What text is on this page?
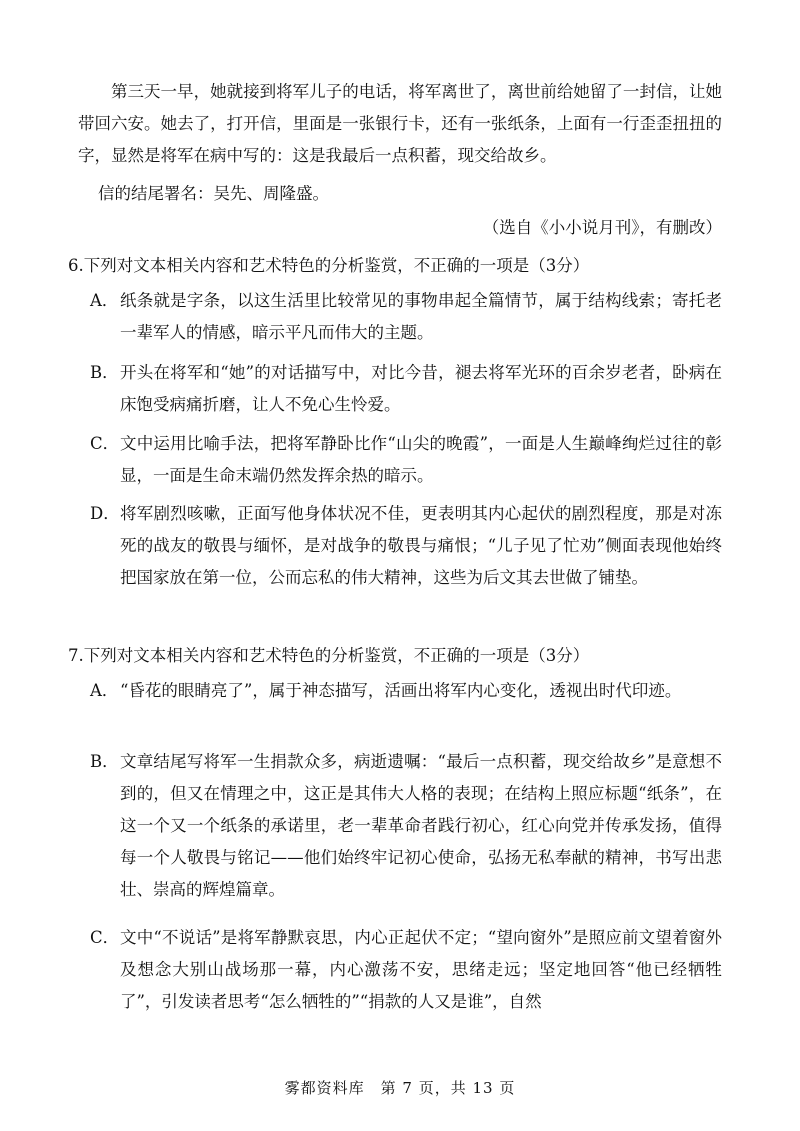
第三天一早，她就接到将军儿子的电话，将军离世了，离世前给她留了一封信，让她带回六安。她去了，打开信，里面是一张银行卡，还有一张纸条，上面有一行歪歪扭扭的字，显然是将军在病中写的：这是我最后一点积蓄，现交给故乡。
信的结尾署名：吴先、周隆盛。
（选自《小小说月刊》，有删改）
6.下列对文本相关内容和艺术特色的分析鉴赏，不正确的一项是（3分）
A． 纸条就是字条，以这生活里比较常见的事物串起全篇情节，属于结构线索；寄托老一辈军人的情感，暗示平凡而伟大的主题。
B． 开头在将军和“她”的对话描写中，对比今昔，褪去将军光环的百余岁老者，卧病在床饱受病痛折磨，让人不免心生怜爱。
C． 文中运用比喻手法，把将军静卧比作“山尖的晚霞”，一面是人生巅峰绚烂过往的彰显，一面是生命末端仍然发挥余热的暗示。
D． 将军剧烈咳嗽，正面写他身体状况不佳，更表明其内心起伏的剧烈程度，那是对冻死的战友的敬畏与缅怀，是对战争的敬畏与痛恨；“儿子见了忙劝”侧面表现他始终把国家放在第一位，公而忘私的伟大精神，这些为后文其去世做了铺垫。
7.下列对文本相关内容和艺术特色的分析鉴赏，不正确的一项是（3分）
A． “昏花的眼睛亮了”，属于神态描写，活画出将军内心变化，透视出时代印迹。
B． 文章结尾写将军一生捐款众多，病逝遗嘱：“最后一点积蓄，现交给故乡”是意想不到的，但又在情理之中，这正是其伟大人格的表现；在结构上照应标题“纸条”，在这一个又一个纸条的承诺里，老一辈革命者践行初心，红心向党并传承发扬，值得每一个人敬畏与铭记——他们始终牢记初心使命，弘扬无私奉献的精神，书写出悲壮、崇高的辉煌篇章。
C． 文中“不说话”是将军静默哀思，内心正起伏不定；“望向窗外”是照应前文望着窗外及想念大别山战场那一幕，内心激荡不安，思绪走远；坚定地回答“他已经牺牲了”，引发读者思考“怎么牺牲的”“捐款的人又是谁”，自然
雾都资料库　第 7 页，共 13 页
